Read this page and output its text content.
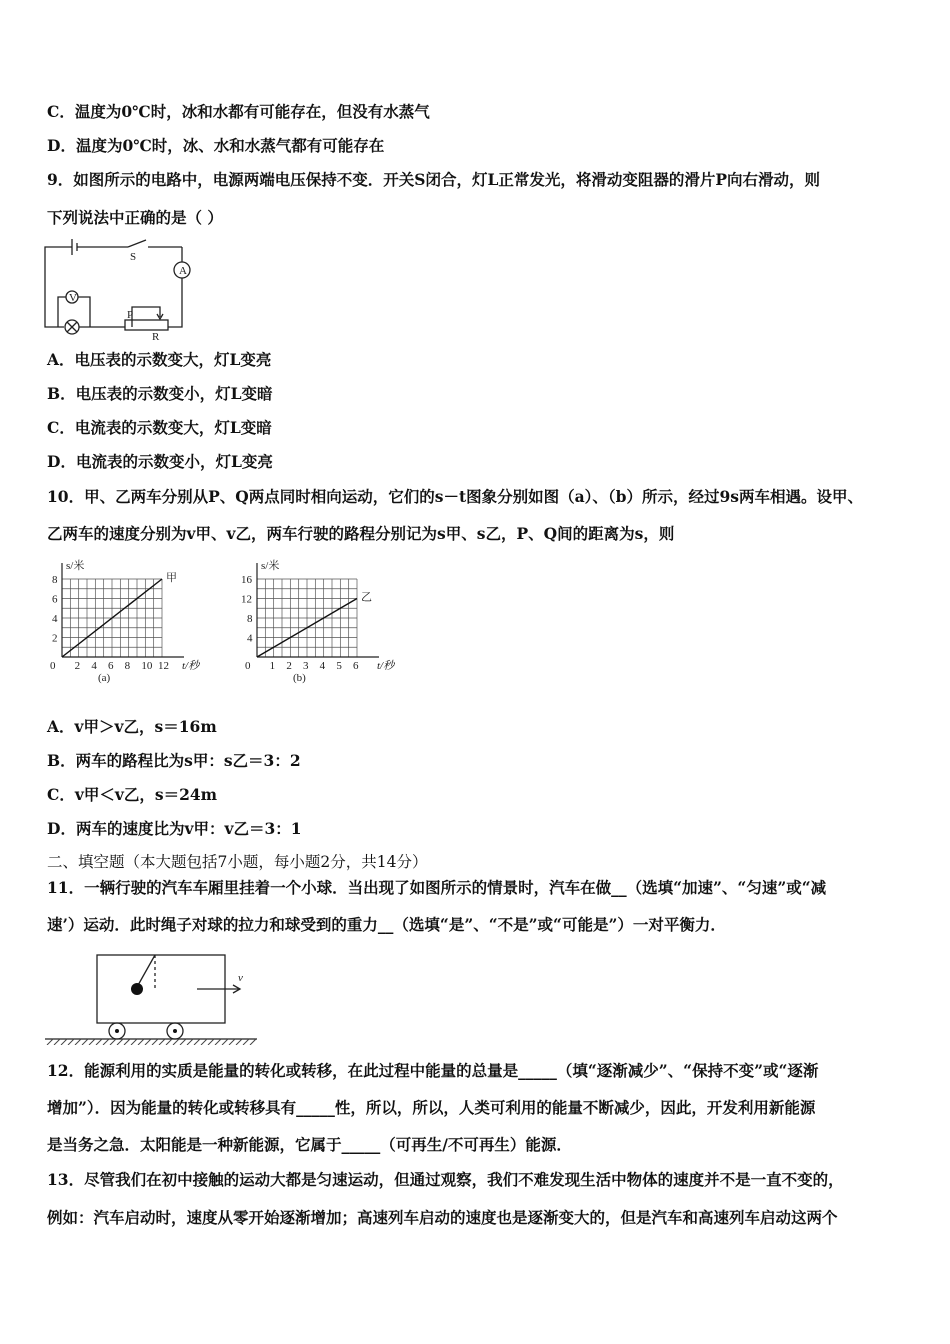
C．温度为0℃时，冰和水都有可能存在，但没有水蒸气
D．温度为0℃时，冰、水和水蒸气都有可能存在
9．如图所示的电路中，电源两端电压保持不变．开关S闭合，灯L正常发光，将滑动变阻器的滑片P向右滑动，则
下列说法中正确的是（ ）
S
A
V
P
R
A．电压表的示数变大，灯L变亮
B．电压表的示数变小，灯L变暗
C．电流表的示数变大，灯L变暗
D．电流表的示数变小，灯L变亮
10．甲、乙两车分别从P、Q两点同时相向运动，它们的s－t图象分别如图（a）、（b）所示，经过9s两车相遇。设甲、
乙两车的速度分别为v甲、v乙，两车行驶的路程分别记为s甲、s乙，P、Q间的距离为s，则
s/米
t/秒
0 2 4 6 8 10 12
2
4
6
8	甲
(a)
s/米
t/秒
0 1 2 3 4 5 6
4
8
12
16
乙
(b)
A．v甲＞v乙，s＝16m
B．两车的路程比为s甲：s乙＝3：2
C．v甲＜v乙，s＝24m
D．两车的速度比为v甲：v乙＝3：1
二、填空题（本大题包括7小题，每小题2分，共14分）
11．一辆行驶的汽车车厢里挂着一个小球．当出现了如图所示的情景时，汽车在做__（选填“加速”、“匀速”或“减
速’）运动．此时绳子对球的拉力和球受到的重力__（选填“是”、“不是”或“可能是”）一对平衡力．
v
12．能源利用的实质是能量的转化或转移，在此过程中能量的总量是_____（填“逐渐减少”、“保持不变”或“逐渐
增加”）．因为能量的转化或转移具有_____性，所以，所以，人类可利用的能量不断减少，因此，开发利用新能源
是当务之急．太阳能是一种新能源，它属于_____（可再生/不可再生）能源．
13．尽管我们在初中接触的运动大都是匀速运动，但通过观察，我们不难发现生活中物体的速度并不是一直不变的，
例如：汽车启动时，速度从零开始逐渐增加；高速列车启动的速度也是逐渐变大的，但是汽车和高速列车启动这两个
